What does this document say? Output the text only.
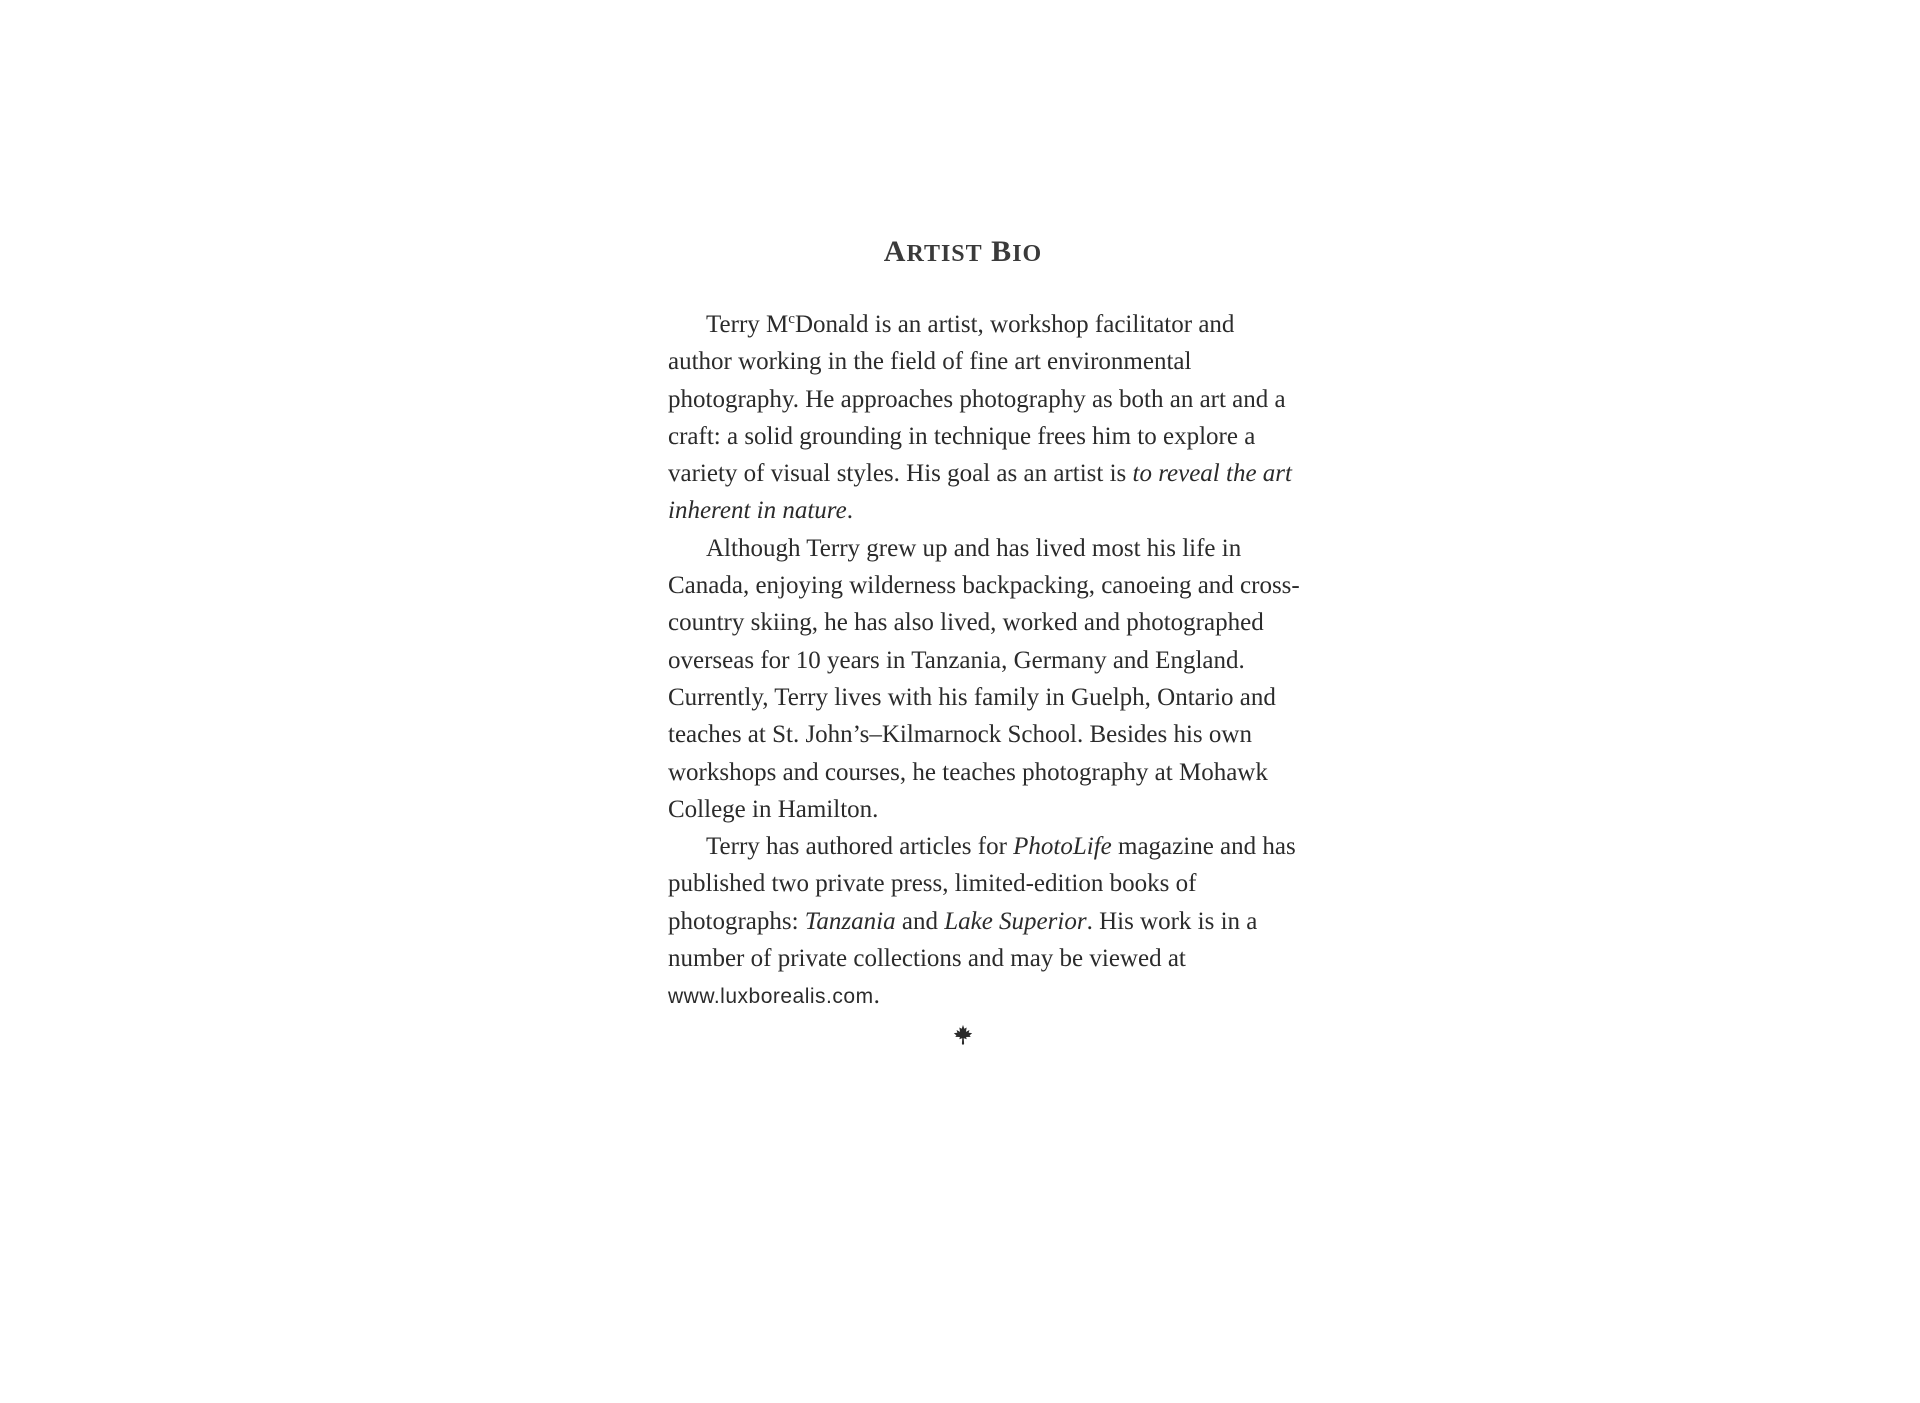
ARTIST BIO

Terry $M^cDonald$ is an artist, workshop facilitator and
author working in the field of fine art environmental
photography. He approaches photography as both an art and a
craft: a solid grounding in technique frees him to explore a
variety of visual styles. His goal as an artist is to reveal the art
inherent in nature.

Although Terry grew up and has lived most his life in
Canada, enjoying wilderness backpacking, canoeing and cross-
country skiing, he has also lived, worked and photographed
overseas for 10 years in Tanzania, Germany and England.
Currently, Terry lives with his family in Guelph, Ontario and
teaches at St. John’s–Kilmarnock School. Besides his own
workshops and courses, he teaches photography at Mohawk
College in Hamilton.

Terry has authored articles for PhotoLife magazine and has
published two private press, limited-edition books of
photographs: Tanzania and Lake Superior. His work is in a
number of private collections and may be viewed at
www.luxborealis.com.
